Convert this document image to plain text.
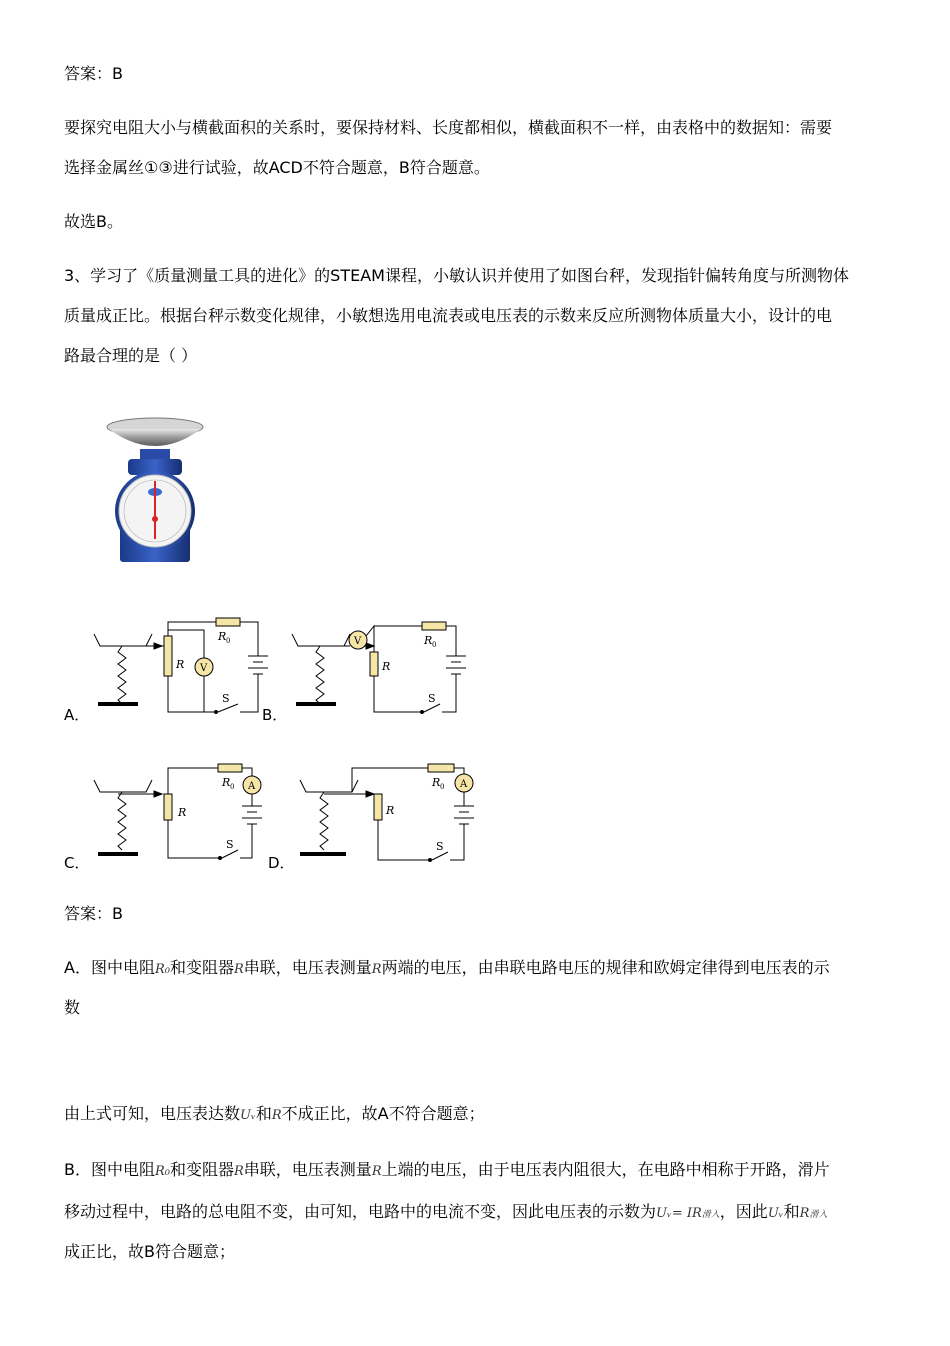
答案：B
要探究电阻大小与横截面积的关系时，要保持材料、长度都相似，横截面积不一样，由表格中的数据知：需要
选择金属丝①③进行试验，故ACD不符合题意，B符合题意。
故选B。
3、学习了《质量测量工具的进化》的STEAM课程，小敏认识并使用了如图台秤，发现指针偏转角度与所测物体
质量成正比。根据台秤示数变化规律，小敏想选用电流表或电压表的示数来反应所测物体质量大小，设计的电
路最合理的是（ ）
R
R 0
V
S
A．
V
R
R 0
S
B．
R
R 0 A
S
C．
R
R 0 A
S
D．
答案：B
A．图中电阻R₀和变阻器R串联，电压表测量R两端的电压，由串联电路电压的规律和欧姆定律得到电压表的示
数
由上式可知，电压表达数Uᵥ和R不成正比，故A不符合题意；
B．图中电阻R₀和变阻器R串联，电压表测量R上端的电压，由于电压表内阻很大，在电路中相称于开路，滑片
移动过程中，电路的总电阻不变，由可知，电路中的电流不变，因此电压表的示数为Uᵥ= IR滑入，因此Uᵥ和R滑入
成正比，故B符合题意；
